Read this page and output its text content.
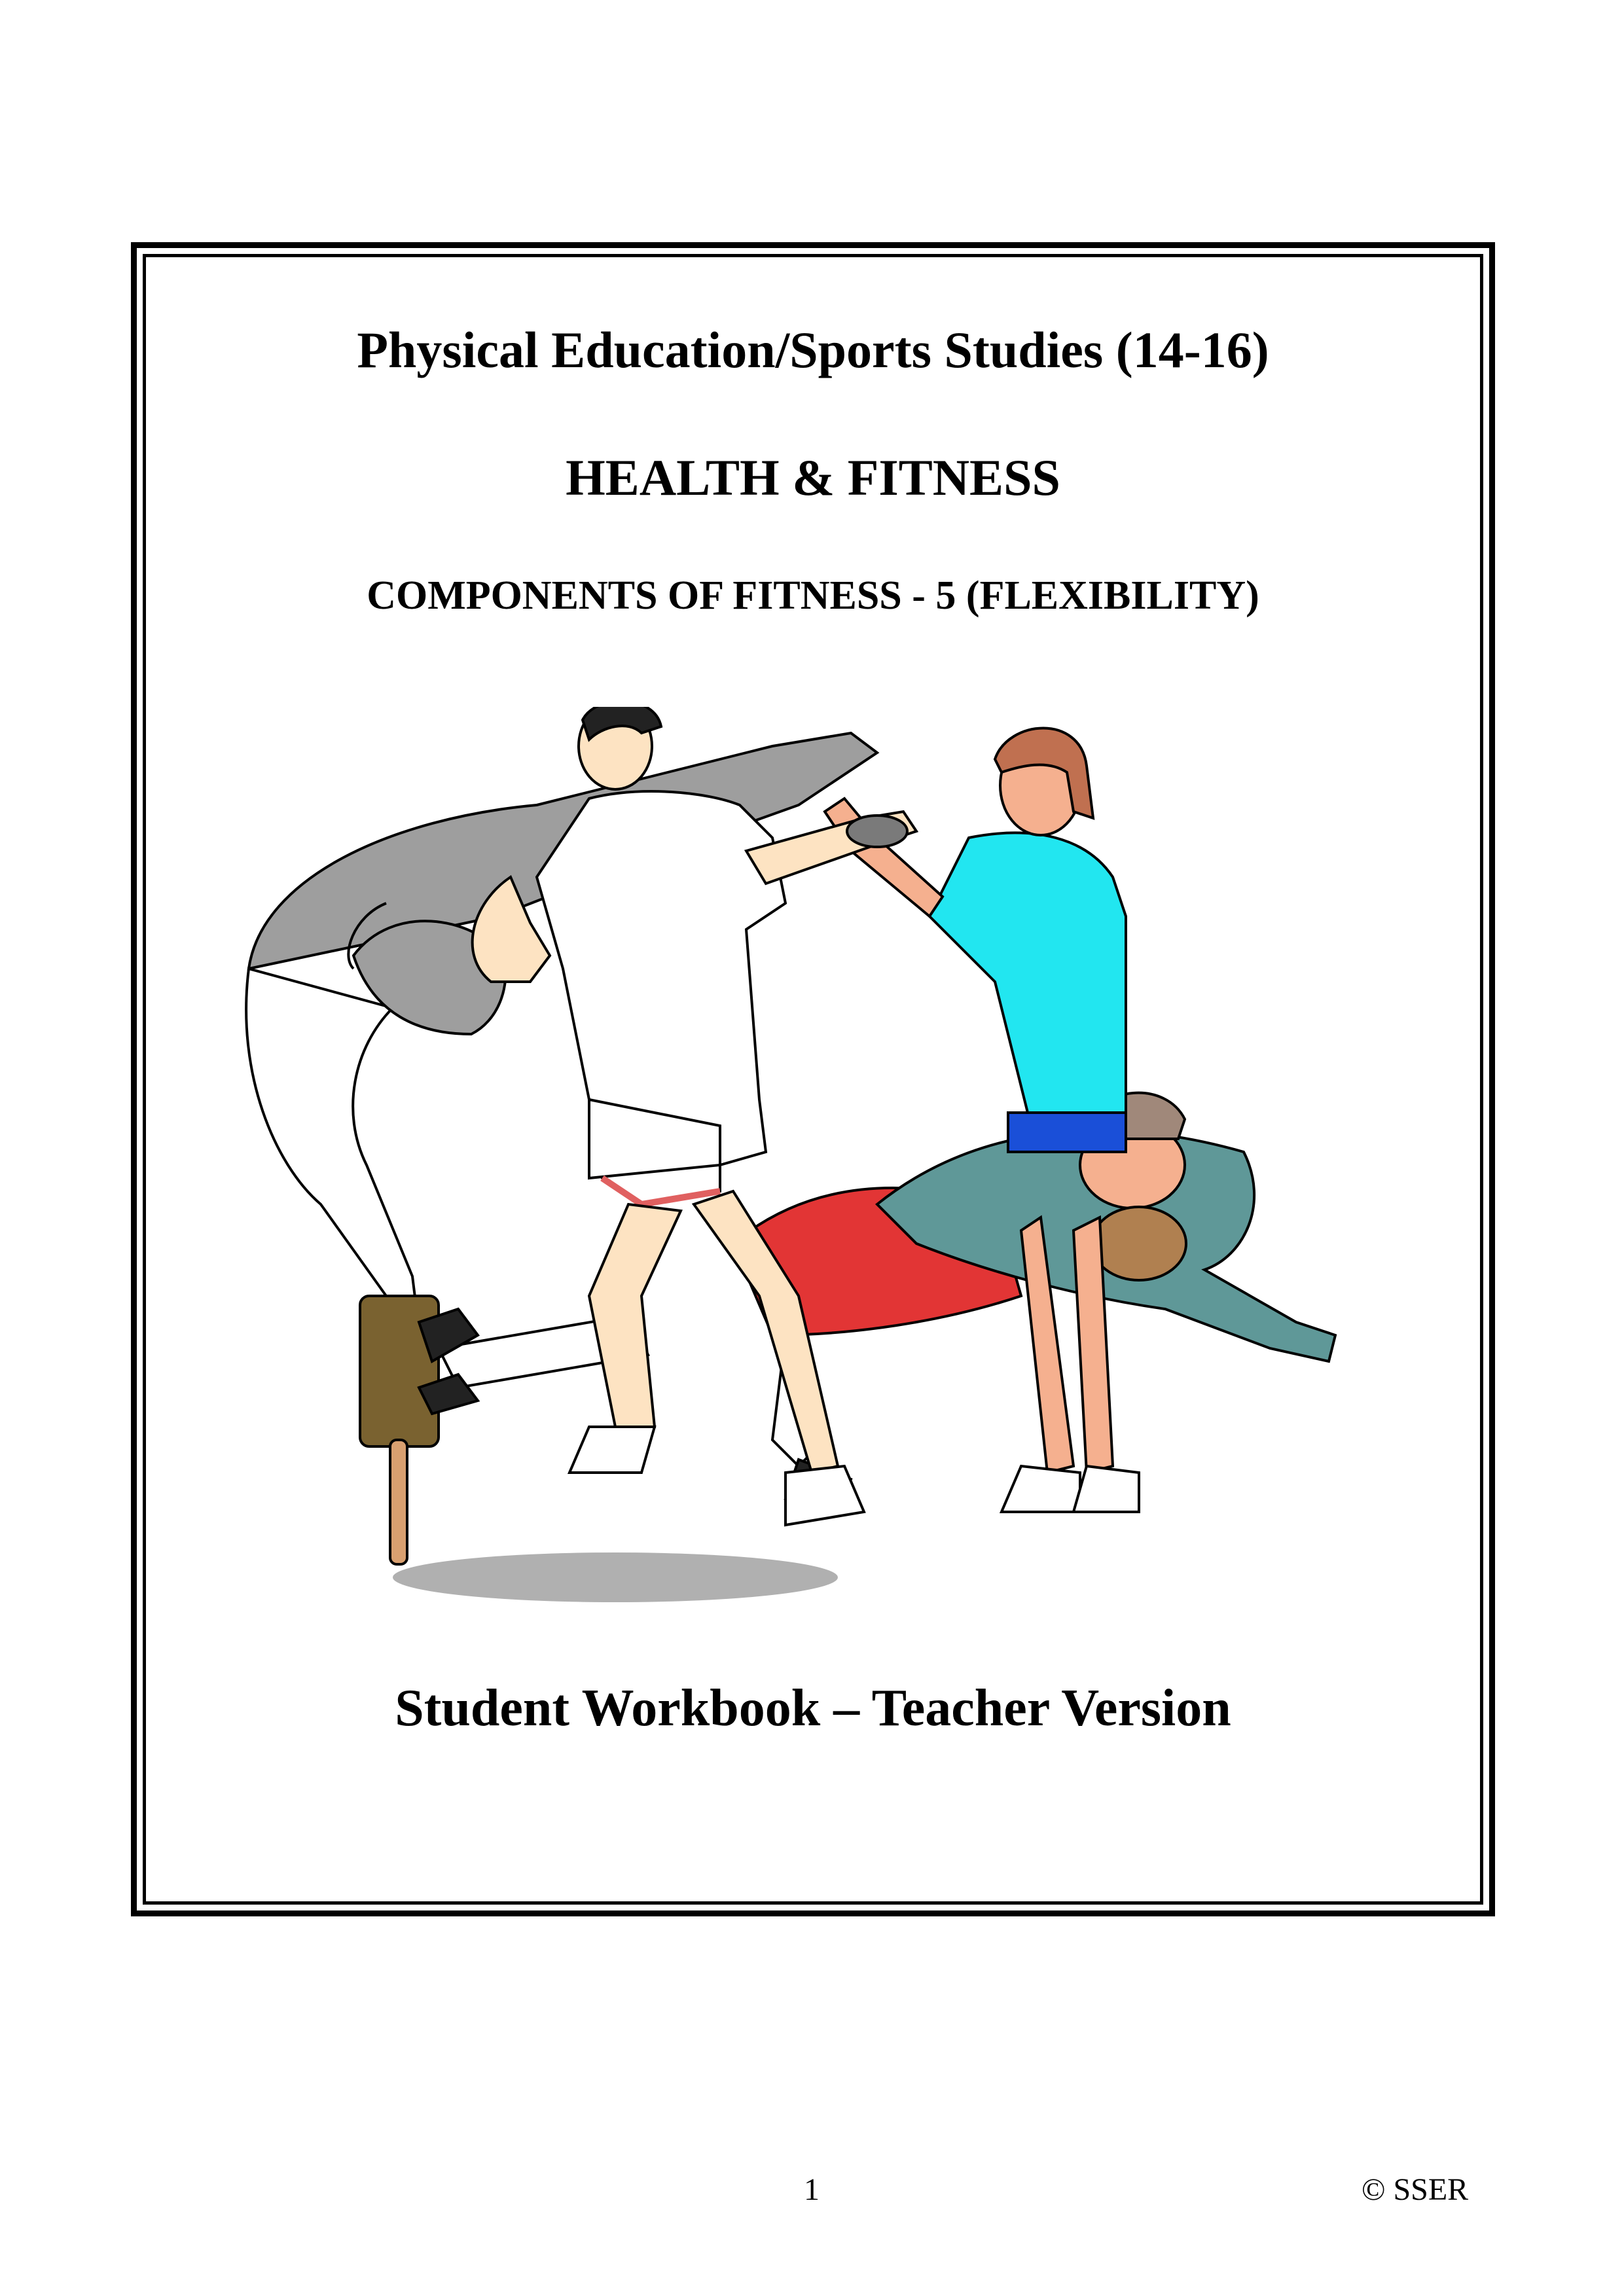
Physical Education/Sports Studies (14-16)
HEALTH & FITNESS
COMPONENTS OF FITNESS - 5 (FLEXIBILITY)
Student Workbook – Teacher Version
1	© SSER
